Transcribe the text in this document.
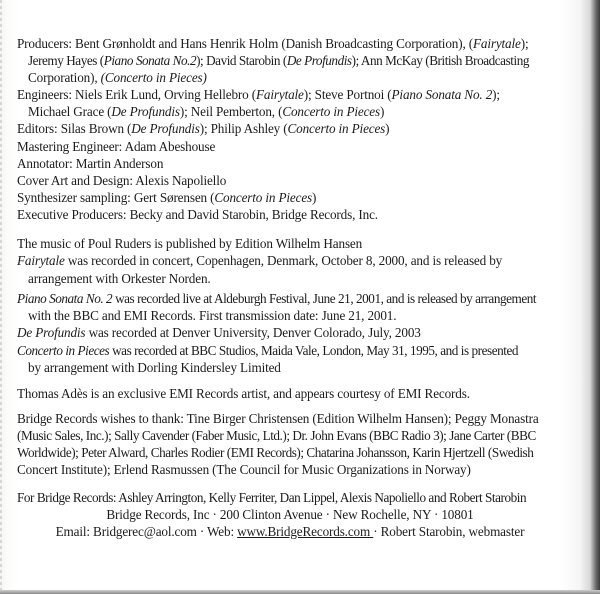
Producers: Bent Grønholdt and Hans Henrik Holm (Danish Broadcasting Corporation), (Fairytale);
Jeremy Hayes (Piano Sonata No.2); David Starobin (De Profundis); Ann McKay (British Broadcasting
Corporation), (Concerto in Pieces)
Engineers: Niels Erik Lund, Orving Hellebro (Fairytale); Steve Portnoi (Piano Sonata No. 2);
Michael Grace (De Profundis); Neil Pemberton, (Concerto in Pieces)
Editors: Silas Brown (De Profundis); Philip Ashley (Concerto in Pieces)
Mastering Engineer: Adam Abeshouse
Annotator: Martin Anderson
Cover Art and Design: Alexis Napoliello
Synthesizer sampling: Gert Sørensen (Concerto in Pieces)
Executive Producers: Becky and David Starobin, Bridge Records, Inc.
The music of Poul Ruders is published by Edition Wilhelm Hansen
Fairytale was recorded in concert, Copenhagen, Denmark, October 8, 2000, and is released by
arrangement with Orkester Norden.
Piano Sonata No. 2 was recorded live at Aldeburgh Festival, June 21, 2001, and is released by arrangement
with the BBC and EMI Records. First transmission date: June 21, 2001.
De Profundis was recorded at Denver University, Denver Colorado, July, 2003
Concerto in Pieces was recorded at BBC Studios, Maida Vale, London, May 31, 1995, and is presented
by arrangement with Dorling Kindersley Limited
Thomas Adès is an exclusive EMI Records artist, and appears courtesy of EMI Records.
Bridge Records wishes to thank: Tine Birger Christensen (Edition Wilhelm Hansen); Peggy Monastra
(Music Sales, Inc.); Sally Cavender (Faber Music, Ltd.); Dr. John Evans (BBC Radio 3); Jane Carter (BBC
Worldwide); Peter Alward, Charles Rodier (EMI Records); Chatarina Johansson, Karin Hjertzell (Swedish
Concert Institute); Erlend Rasmussen (The Council for Music Organizations in Norway)
For Bridge Records: Ashley Arrington, Kelly Ferriter, Dan Lippel, Alexis Napoliello and Robert Starobin
Bridge Records, Inc · 200 Clinton Avenue · New Rochelle, NY · 10801
Email: Bridgerec@aol.com · Web: www.BridgeRecords.com · Robert Starobin, webmaster
